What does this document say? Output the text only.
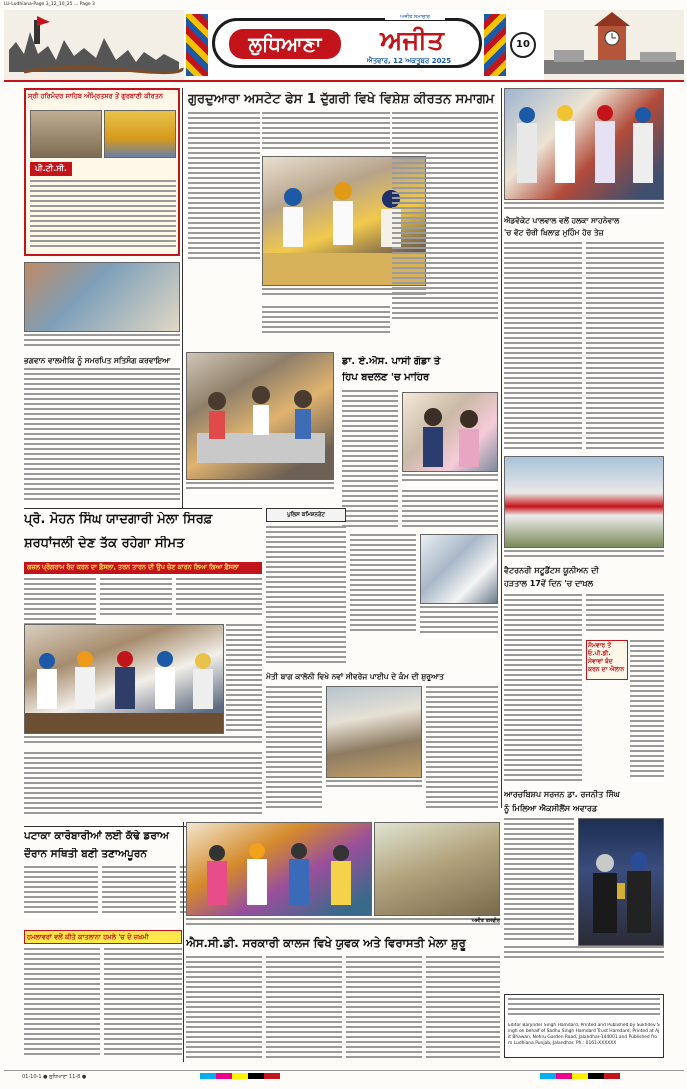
LU-Ludhiana-Page 3_12_10_25 ... Page 3
ਲੁਧਿਆਣਾ	ਅਜੀਤ
ਅਜੀਤ ਸਮਾਚਾਰ
ਐਤਵਾਰ, 12 ਅਕਤੂਬਰ 2025
10
ਸ੍ਰੀ ਹਰਿਮੰਦਰ ਸਾਹਿਬ ਅੰਮ੍ਰਿਤਸਰ ਤੋਂ ਗੁਰਬਾਣੀ ਕੀਰਤਨ
ਪੀ.ਟੀ.ਸੀ.
ਭਗਵਾਨ ਵਾਲਮੀਕਿ ਨੂੰ ਸਮਰਪਿਤ ਸਤਿਸੰਗ ਕਰਵਾਇਆ
ਗੁਰਦੁਆਰਾ ਅਸਟੇਟ ਫੇਸ 1 ਦੁੱਗਰੀ ਵਿਖੇ ਵਿਸ਼ੇਸ਼ ਕੀਰਤਨ ਸਮਾਗਮ
ਐਡਵੋਕੇਟ ਪਾਲਵਾਲ ਵਲੋਂ ਹਲਕਾ ਸਾਹਨੇਵਾਲ
'ਚ ਵੋਟ ਚੋਰੀ ਖ਼ਿਲਾਫ਼ ਮੁਹਿੰਮ ਹੋਰ ਤੇਜ਼
ਵੈਟਰਨਰੀ ਸਟੂਡੈਂਟਸ ਯੂਨੀਅਨ ਦੀ
ਹੜਤਾਲ 17ਵੇਂ ਦਿਨ 'ਚ ਦਾਖ਼ਲ
ਸੋਮਵਾਰ ਤੋਂ ਓ.ਪੀ.ਡੀ. ਸੇਵਾਵਾਂ ਬੰਦ ਕਰਨ ਦਾ ਐਲਾਨ
ਡਾ. ਏ.ਐਸ. ਪਾਸੀ ਗੋਡਾ ਤੇ
ਹਿਪ ਬਦਲਣ 'ਚ ਮਾਹਿਰ
ਪ੍ਰੋ. ਮੋਹਨ ਸਿੰਘ ਯਾਦਗਾਰੀ ਮੇਲਾ ਸਿਰਫ਼
ਸ਼ਰਧਾਂਜਲੀ ਦੇਣ ਤੱਕ ਰਹੇਗਾ ਸੀਮਤ
ਗਜ਼ਲ ਪ੍ਰੋਗਰਾਮ ਰੱਦ ਕਰਨ ਦਾ ਫ਼ੈਸਲਾ, ਤਰਨ ਤਾਰਨ ਦੀ ਉਪ ਚੋਣ ਕਾਰਨ ਲਿਆ ਗਿਆ ਫ਼ੈਸਲਾ
ਪੁਲਿਸ ਕਮਿਸ਼ਨਰੇਟ
ਮੋਤੀ ਬਾਗ ਕਾਲੋਨੀ ਵਿਖੇ ਨਵਾਂ ਸੀਵਰੇਜ ਪਾਈਪ ਦੇ ਕੰਮ ਦੀ ਸ਼ੁਰੂਆਤ
ਆਰਚਬਿਸ਼ਪ ਸਰਜਨ ਡਾ. ਰਜਨੀਤ ਸਿੰਘ
ਨੂੰ ਮਿਲਿਆ ਐਕਸੀਲੈਂਸ ਅਵਾਰਡ
ਪਟਾਕਾ ਕਾਰੋਬਾਰੀਆਂ ਲਈ ਕੱਢੇ ਡਰਾਅ
ਦੌਰਾਨ ਸਥਿਤੀ ਬਣੀ ਤਣਾਅਪੂਰਨ
ਅਜੀਤ ਤਸਵੀਰ
ਐਸ.ਸੀ.ਡੀ. ਸਰਕਾਰੀ ਕਾਲਜ ਵਿਖੇ ਯੁਵਕ ਅਤੇ ਵਿਰਾਸਤੀ ਮੇਲਾ ਸ਼ੁਰੂ
ਹਮਲਾਵਰਾਂ ਵਲੋਂ ਕੀਤੇ ਕਾਤਲਾਨਾ ਹਮਲੇ 'ਚ ਦੋ ਜ਼ਖ਼ਮੀ
Editor Barjinder Singh Hamdard, Printed and Published by Sukhdev Singh on behalf of Sadhu Singh Hamdard Trust Hamdard, Printed at Ajit Bhawan, Nehru Garden Road, Jalandhar-144001 and Published from Ludhiana Punjab, Jalandhar. Ph.: 0161-XXXXXX
01-10-1 ● ਲੁਧਿਆਣਾ 11-8 ●
